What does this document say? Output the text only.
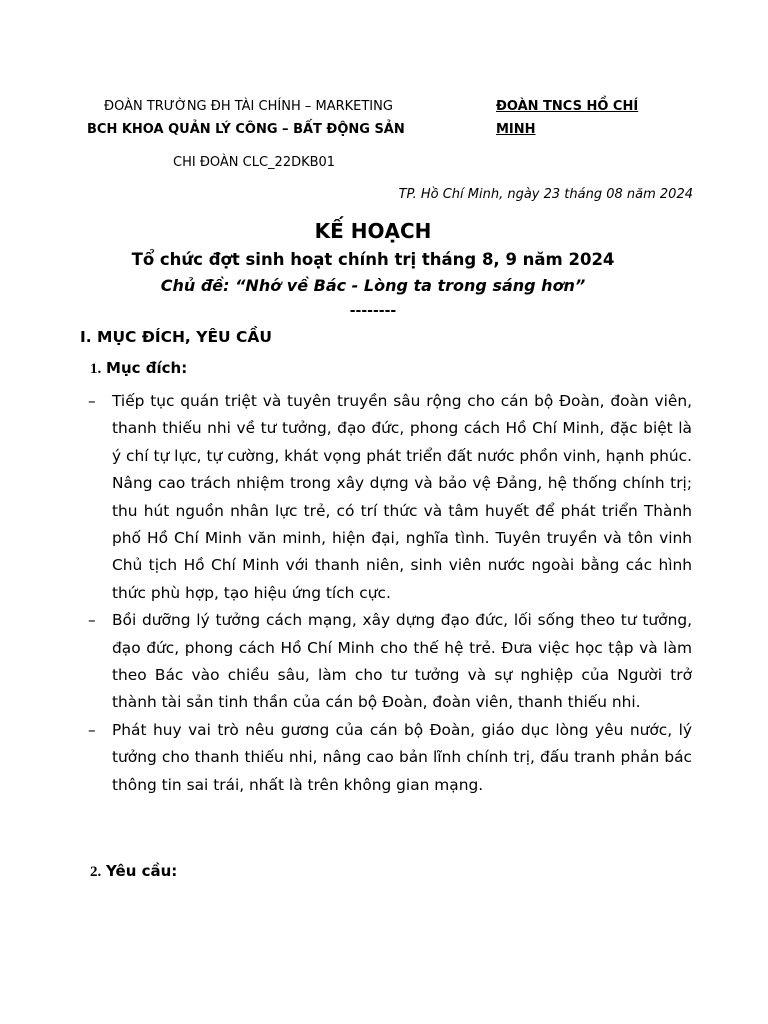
ĐOÀN TRƯỜNG ĐH TÀI CHÍNH – MARKETING
BCH KHOA QUẢN LÝ CÔNG – BẤT ĐỘNG SẢN
CHI ĐOÀN CLC_22DKB01
ĐOÀN TNCS HỒ CHÍ
MINH
TP. Hồ Chí Minh, ngày 23 tháng 08 năm 2024
KẾ HOẠCH
Tổ chức đợt sinh hoạt chính trị tháng 8, 9 năm 2024
Chủ đề: “Nhớ về Bác - Lòng ta trong sáng hơn”
--------
I. MỤC ĐÍCH, YÊU CẦU
1. Mục đích:
– Tiếp tục quán triệt và tuyên truyền sâu rộng cho cán bộ Đoàn, đoàn viên, thanh thiếu nhi về tư tưởng, đạo đức, phong cách Hồ Chí Minh, đặc biệt là ý chí tự lực, tự cường, khát vọng phát triển đất nước phồn vinh, hạnh phúc. Nâng cao trách nhiệm trong xây dựng và bảo vệ Đảng, hệ thống chính trị; thu hút nguồn nhân lực trẻ, có trí thức và tâm huyết để phát triển Thành phố Hồ Chí Minh văn minh, hiện đại, nghĩa tình. Tuyên truyền và tôn vinh Chủ tịch Hồ Chí Minh với thanh niên, sinh viên nước ngoài bằng các hình thức phù hợp, tạo hiệu ứng tích cực.
– Bồi dưỡng lý tưởng cách mạng, xây dựng đạo đức, lối sống theo tư tưởng, đạo đức, phong cách Hồ Chí Minh cho thế hệ trẻ. Đưa việc học tập và làm theo Bác vào chiều sâu, làm cho tư tưởng và sự nghiệp của Người trở thành tài sản tinh thần của cán bộ Đoàn, đoàn viên, thanh thiếu nhi.
– Phát huy vai trò nêu gương của cán bộ Đoàn, giáo dục lòng yêu nước, lý tưởng cho thanh thiếu nhi, nâng cao bản lĩnh chính trị, đấu tranh phản bác thông tin sai trái, nhất là trên không gian mạng.
2. Yêu cầu:
